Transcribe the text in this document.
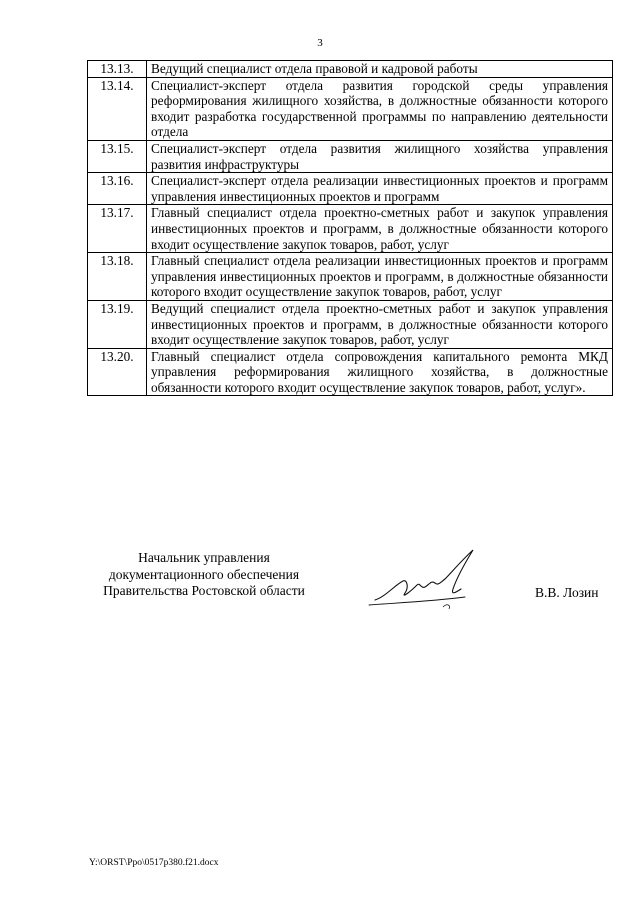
3
13.13.	Ведущий специалист отдела правовой и кадровой работы
13.14.	Специалист-эксперт отдела развития городской среды управления реформирования жилищного хозяйства, в должностные обязанности которого входит разработка государственной программы по направлению деятельности отдела
13.15.	Специалист-эксперт отдела развития жилищного хозяйства управления развития инфраструктуры
13.16.	Специалист-эксперт отдела реализации инвестиционных проектов и программ управления инвестиционных проектов и программ
13.17.	Главный специалист отдела проектно-сметных работ и закупок управления инвестиционных проектов и программ, в должностные обязанности которого входит осуществление закупок товаров, работ, услуг
13.18.	Главный специалист отдела реализации инвестиционных проектов и программ управления инвестиционных проектов и программ, в должностные обязанности которого входит осуществление закупок товаров, работ, услуг
13.19.	Ведущий специалист отдела проектно-сметных работ и закупок управления инвестиционных проектов и программ, в должностные обязанности которого входит осуществление закупок товаров, работ, услуг
13.20.	Главный специалист отдела сопровождения капитального ремонта МКД управления реформирования жилищного хозяйства, в должностные обязанности которого входит осуществление закупок товаров, работ, услуг».
Начальник управления
документационного обеспечения
Правительства Ростовской области	В.В. Лозин
Y:\ORST\Ppo\0517p380.f21.docx
